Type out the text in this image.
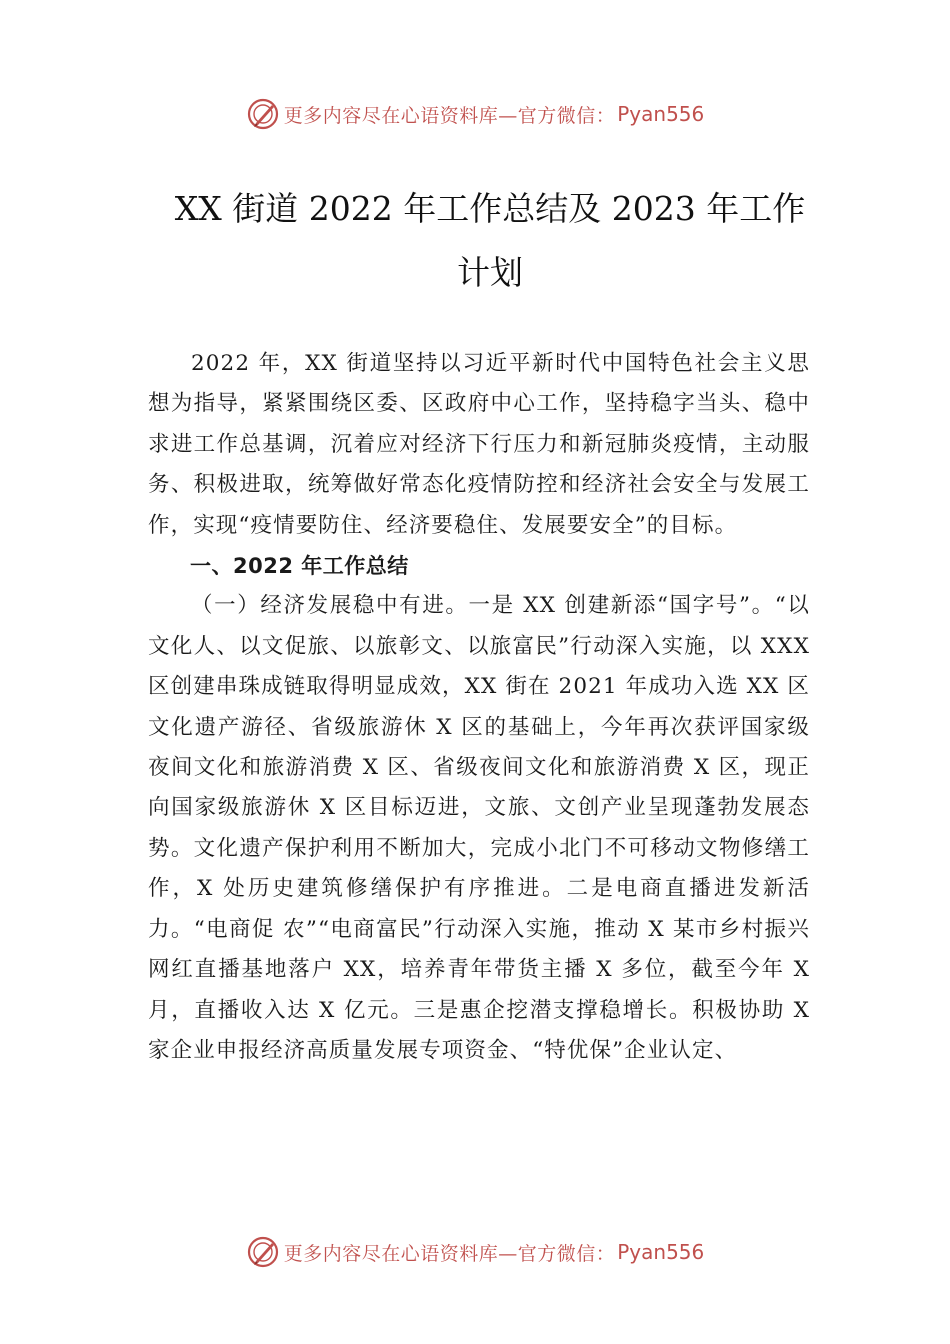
更多内容尽在心语资料库—官方微信： Pyan556
XX 街道 2022 年工作总结及 2023 年工作
计划

2022 年，XX 街道坚持以习近平新时代中国特色社会主义思想为指导，紧紧围绕区委、区政府中心工作，坚持稳字当头、稳中求进工作总基调，沉着应对经济下行压力和新冠肺炎疫情，主动服务、积极进取，统筹做好常态化疫情防控和经济社会安全与发展工作，实现“疫情要防住、经济要稳住、发展要安全”的目标。

一、2022 年工作总结

（一）经济发展稳中有进。一是 XX 创建新添“国字号”。“以文化人、以文促旅、以旅彰文、以旅富民”行动深入实施，以 XXX 区创建串珠成链取得明显成效，XX 街在 2021 年成功入选 XX 区文化遗产游径、省级旅游休 X 区的基础上，今年再次获评国家级夜间文化和旅游消费 X 区、省级夜间文化和旅游消费 X 区，现正向国家级旅游休 X 区目标迈进，文旅、文创产业呈现蓬勃发展态势。文化遗产保护利用不断加大，完成小北门不可移动文物修缮工作，X 处历史建筑修缮保护有序推进。二是电商直播进发新活力。“电商促 农”“电商富民”行动深入实施，推动 X 某市乡村振兴网红直播基地落户 XX，培养青年带货主播 X 多位，截至今年 X 月，直播收入达 X 亿元。三是惠企挖潜支撑稳增长。积极协助 X 家企业申报经济高质量发展专项资金、“特优保”企业认定、

更多内容尽在心语资料库—官方微信： Pyan556
